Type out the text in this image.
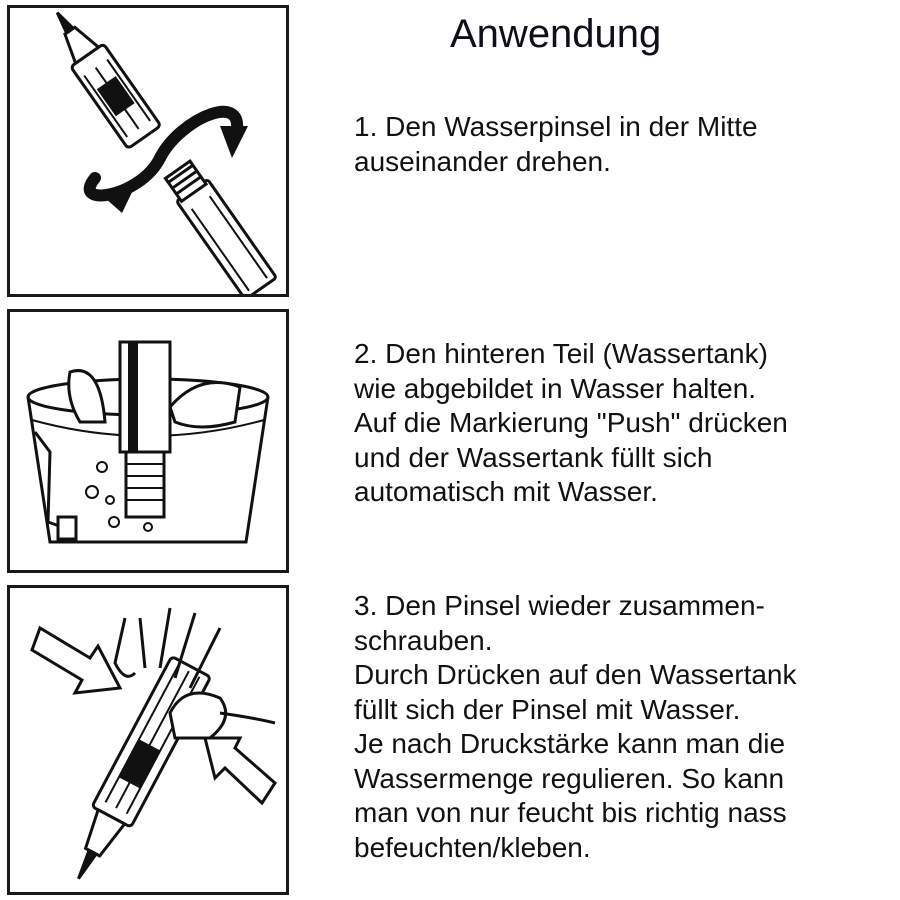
Anwendung
1. Den Wasserpinsel in der Mitte
auseinander drehen.
2. Den hinteren Teil (Wassertank)
wie abgebildet in Wasser halten.
Auf die Markierung "Push" drücken
und der Wassertank füllt sich
automatisch mit Wasser.
3. Den Pinsel wieder zusammen-
schrauben.
Durch Drücken auf den Wassertank
füllt sich der Pinsel mit Wasser.
Je nach Druckstärke kann man die
Wassermenge regulieren. So kann
man von nur feucht bis richtig nass
befeuchten/kleben.
